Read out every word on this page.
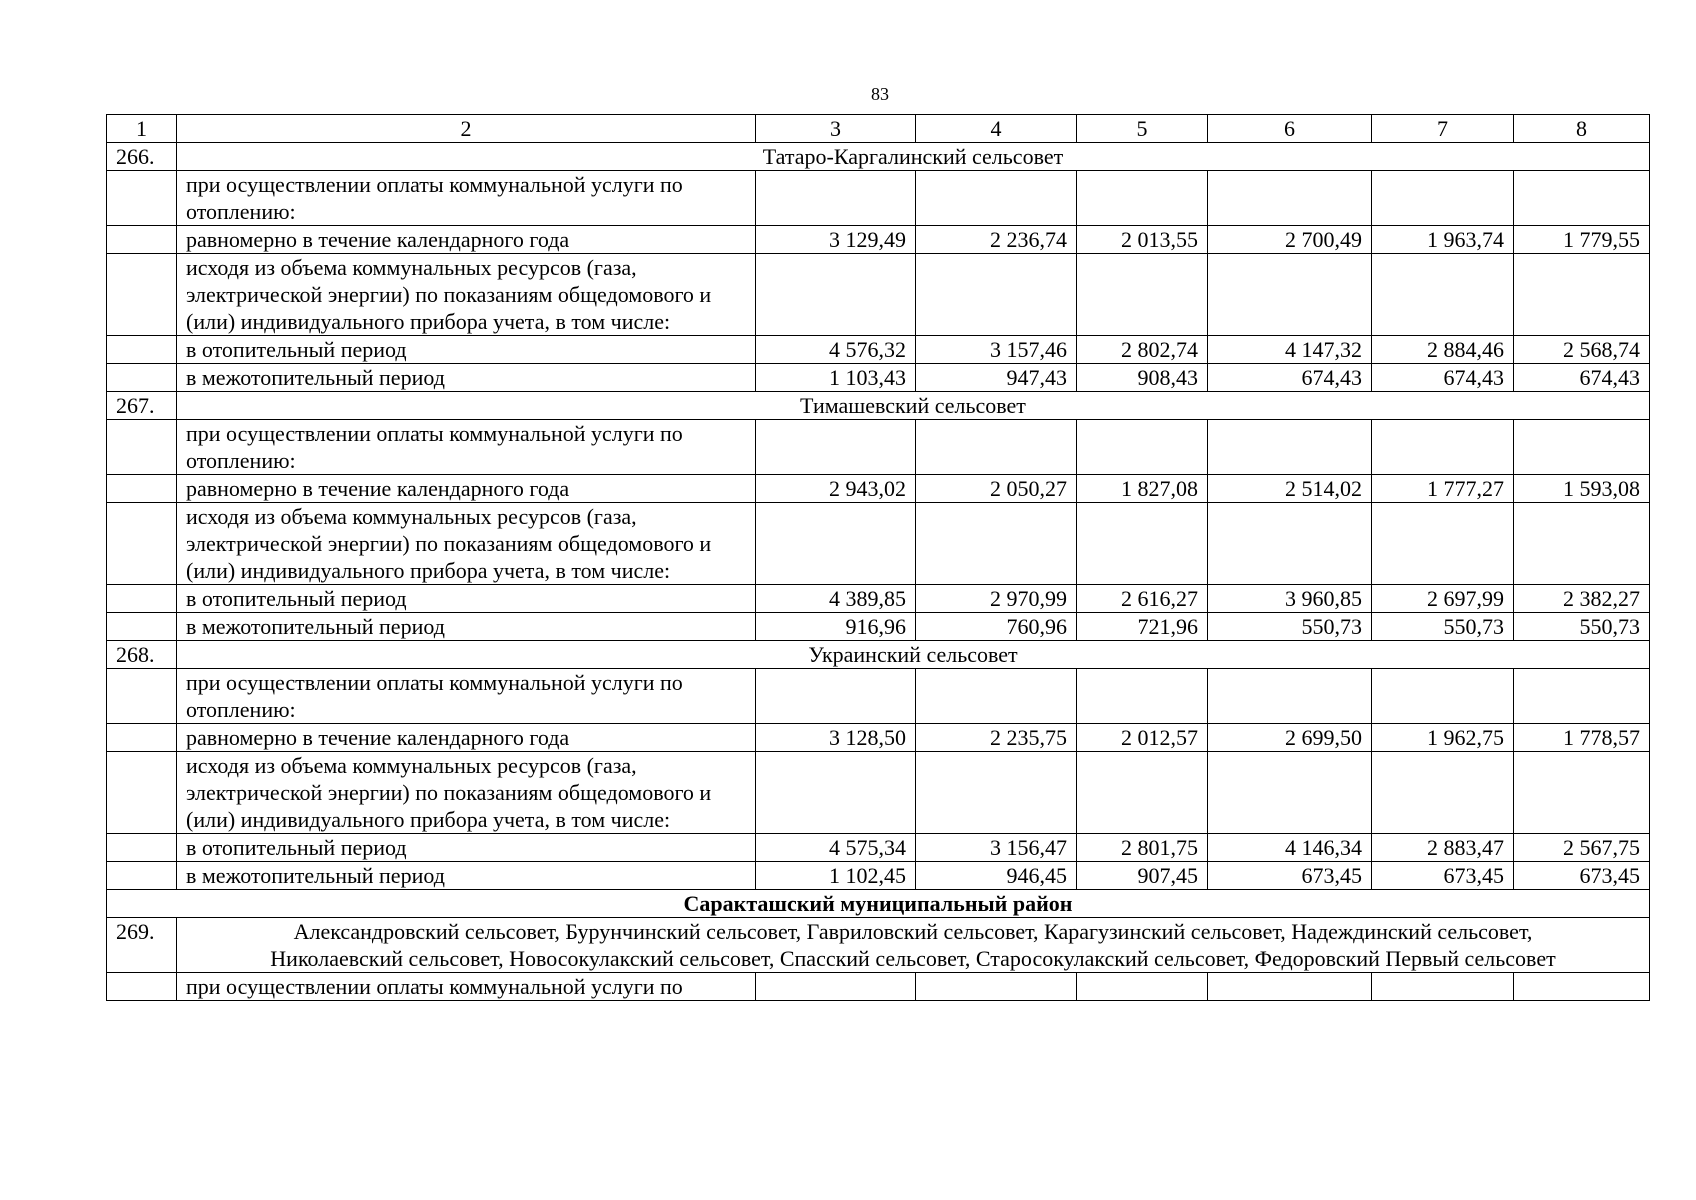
83
1	2	3	4	5	6	7	8
266.	Татаро-Каргалинский сельсовет						
	при осуществлении оплаты коммунальной услуги по отоплению:						
	равномерно в течение календарного года	3 129,49	2 236,74	2 013,55	2 700,49	1 963,74	1 779,55
	исходя из объема коммунальных ресурсов (газа, электрической энергии) по показаниям общедомового и (или) индивидуального прибора учета, в том числе:						
	в отопительный период	4 576,32	3 157,46	2 802,74	4 147,32	2 884,46	2 568,74
	в межотопительный период	1 103,43	947,43	908,43	674,43	674,43	674,43
267.	Тимашевский сельсовет						
	при осуществлении оплаты коммунальной услуги по отоплению:						
	равномерно в течение календарного года	2 943,02	2 050,27	1 827,08	2 514,02	1 777,27	1 593,08
	исходя из объема коммунальных ресурсов (газа, электрической энергии) по показаниям общедомового и (или) индивидуального прибора учета, в том числе:						
	в отопительный период	4 389,85	2 970,99	2 616,27	3 960,85	2 697,99	2 382,27
	в межотопительный период	916,96	760,96	721,96	550,73	550,73	550,73
268.	Украинский сельсовет						
	при осуществлении оплаты коммунальной услуги по отоплению:						
	равномерно в течение календарного года	3 128,50	2 235,75	2 012,57	2 699,50	1 962,75	1 778,57
	исходя из объема коммунальных ресурсов (газа, электрической энергии) по показаниям общедомового и (или) индивидуального прибора учета, в том числе:						
	в отопительный период	4 575,34	3 156,47	2 801,75	4 146,34	2 883,47	2 567,75
	в межотопительный период	1 102,45	946,45	907,45	673,45	673,45	673,45
Саракташский муниципальный район							
269.	Александровский сельсовет, Бурунчинский сельсовет, Гавриловский сельсовет, Карагузинский сельсовет, Надеждинский сельсовет,
Николаевский сельсовет, Новосокулакский сельсовет, Спасский сельсовет, Старосокулакский сельсовет, Федоровский Первый сельсовет						

	при осуществлении оплаты коммунальной услуги по						
